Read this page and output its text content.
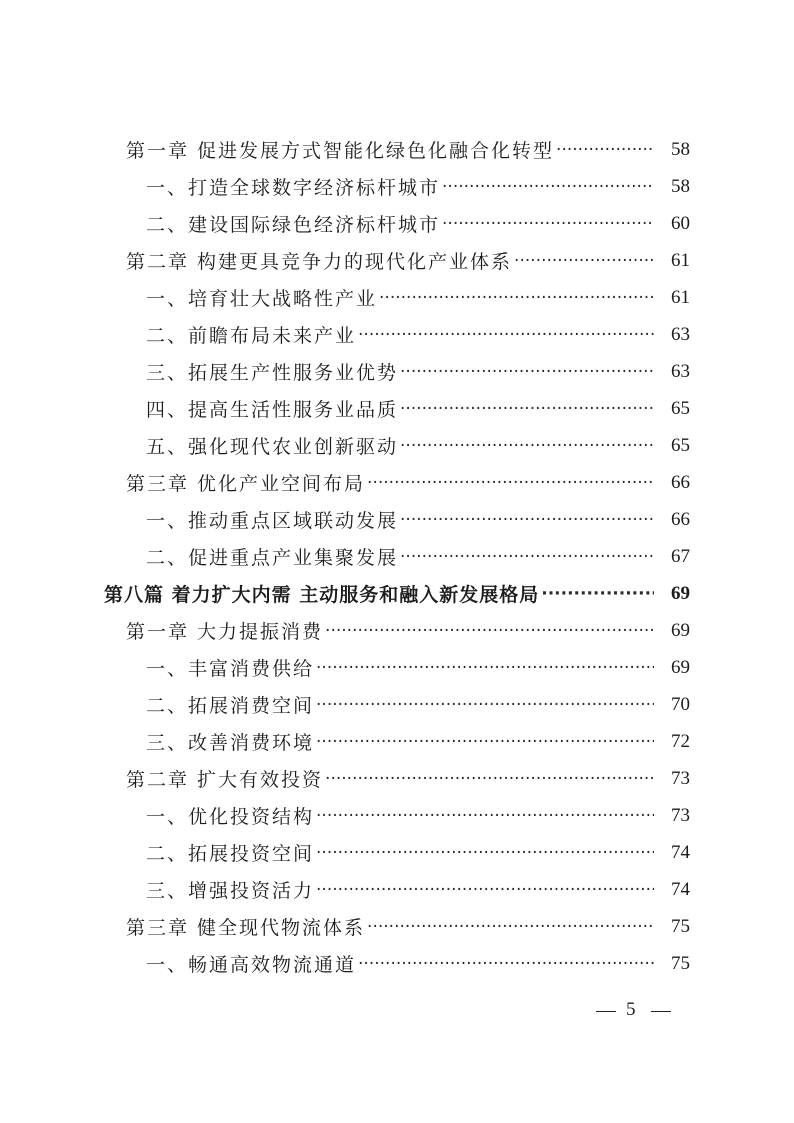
第一章 促进发展方式智能化绿色化融合化转型 ·····	58
一、打造全球数字经济标杆城市 ·····	58
二、建设国际绿色经济标杆城市 ·····	60
第二章 构建更具竞争力的现代化产业体系 ·····	61
一、培育壮大战略性产业 ·····	61
二、前瞻布局未来产业 ·····	63
三、拓展生产性服务业优势 ·····	63
四、提高生活性服务业品质 ·····	65
五、强化现代农业创新驱动 ·····	65
第三章 优化产业空间布局 ·····	66
一、推动重点区域联动发展 ·····	66
二、促进重点产业集聚发展 ·····	67
第八篇 着力扩大内需 主动服务和融入新发展格局 ·····	69
第一章 大力提振消费 ·····	69
一、丰富消费供给 ·····	69
二、拓展消费空间 ·····	70
三、改善消费环境 ·····	72
第二章 扩大有效投资 ·····	73
一、优化投资结构 ·····	73
二、拓展投资空间 ·····	74
三、增强投资活力 ·····	74
第三章 健全现代物流体系 ·····	75
一、畅通高效物流通道 ·····	75
5
